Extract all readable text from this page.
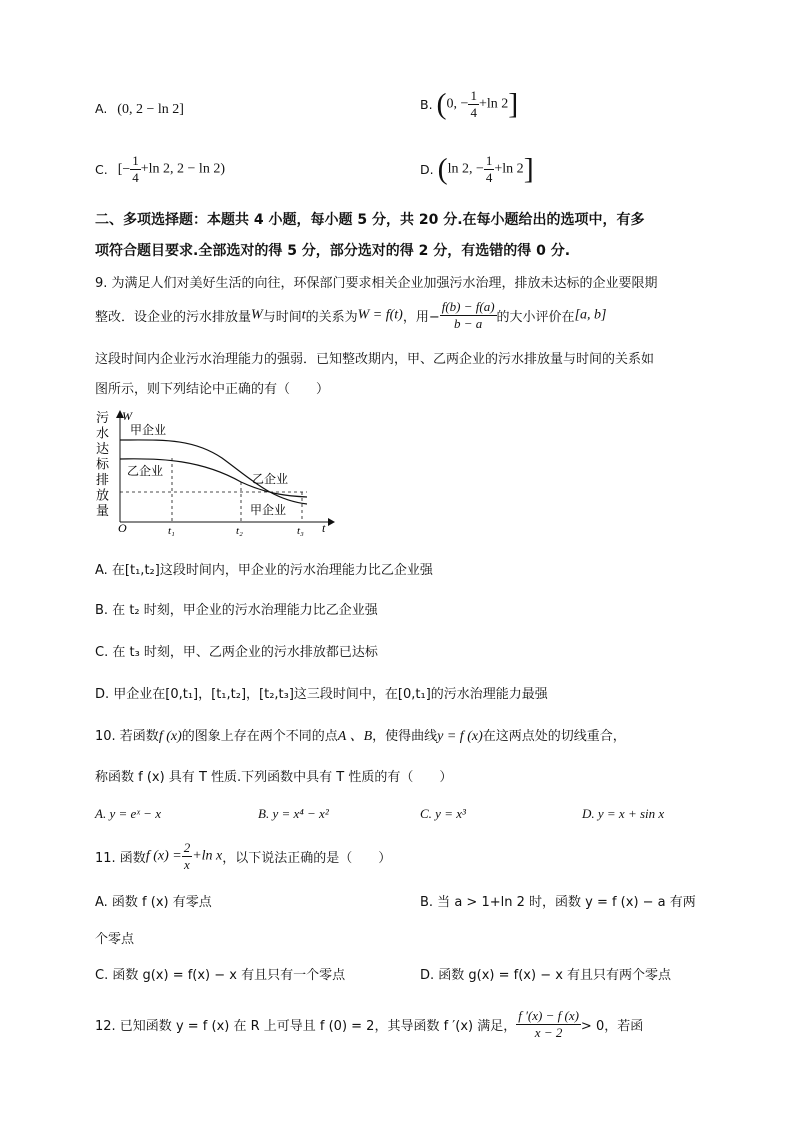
A. (0, 2 − ln 2]	B. (0, − $\frac{1}{4} +\ln$ 2]
C. [− $\frac{1}{4} +\ln$ 2, 2 − ln 2)	D. (ln 2, − $\frac{1}{4} +\ln$ 2]
二、多项选择题：本题共 4 小题，每小题 5 分，共 20 分.在每小题给出的选项中，有多
项符合题目要求.全部选对的得 5 分，部分选对的得 2 分，有选错的得 0 分.
9. 为满足人们对美好生活的向往，环保部门要求相关企业加强污水治理，排放未达标的企业要限期
整改．设企业的污水排放量W与时间t的关系为W = f(t)，用− $\frac{f(b) - f(a)}{b - a}$ 的大小评价在[a, b]
这段时间内企业污水治理能力的强弱．已知整改期内，甲、乙两企业的污水排放量与时间的关系如
图所示，则下列结论中正确的有（　　）
污
水
达
标
排
放
量
甲企业
乙企业
乙企业
甲企业
W
O	t
t₁	t₂	t₃
A. 在[t₁,t₂]这段时间内，甲企业的污水治理能力比乙企业强
B. 在 t₂ 时刻，甲企业的污水治理能力比乙企业强
C. 在 t₃ 时刻，甲、乙两企业的污水排放都已达标
D. 甲企业在[0,t₁]，[t₁,t₂]，[t₂,t₃]这三段时间中，在[0,t₁]的污水治理能力最强
10. 若函数f (x)的图象上存在两个不同的点A 、B，使得曲线y = f (x)在这两点处的切线重合，
称函数 f (x) 具有 T 性质.下列函数中具有 T 性质的有（　　）
A. y = eˣ − x	B. y = x⁴ − x²	C. y = x³	D. y = x + sin x
11. 函数f $(x) = \frac{2}{x} +\ln$ x，以下说法正确的是（　　）
A. 函数 f (x) 有零点	B. 当 a > 1+ln 2 时，函数 y = f (x) − a 有两
个零点
C. 函数 g(x) = f(x) − x 有且只有一个零点	D. 函数 g(x) = f(x) − x 有且只有两个零点
12. 已知函数 y = f (x) 在 R 上可导且 f (0) = 2，其导函数 f ′(x) 满足， $\frac{f '(x) - f (x)}{x - 2} > 0$，若函
